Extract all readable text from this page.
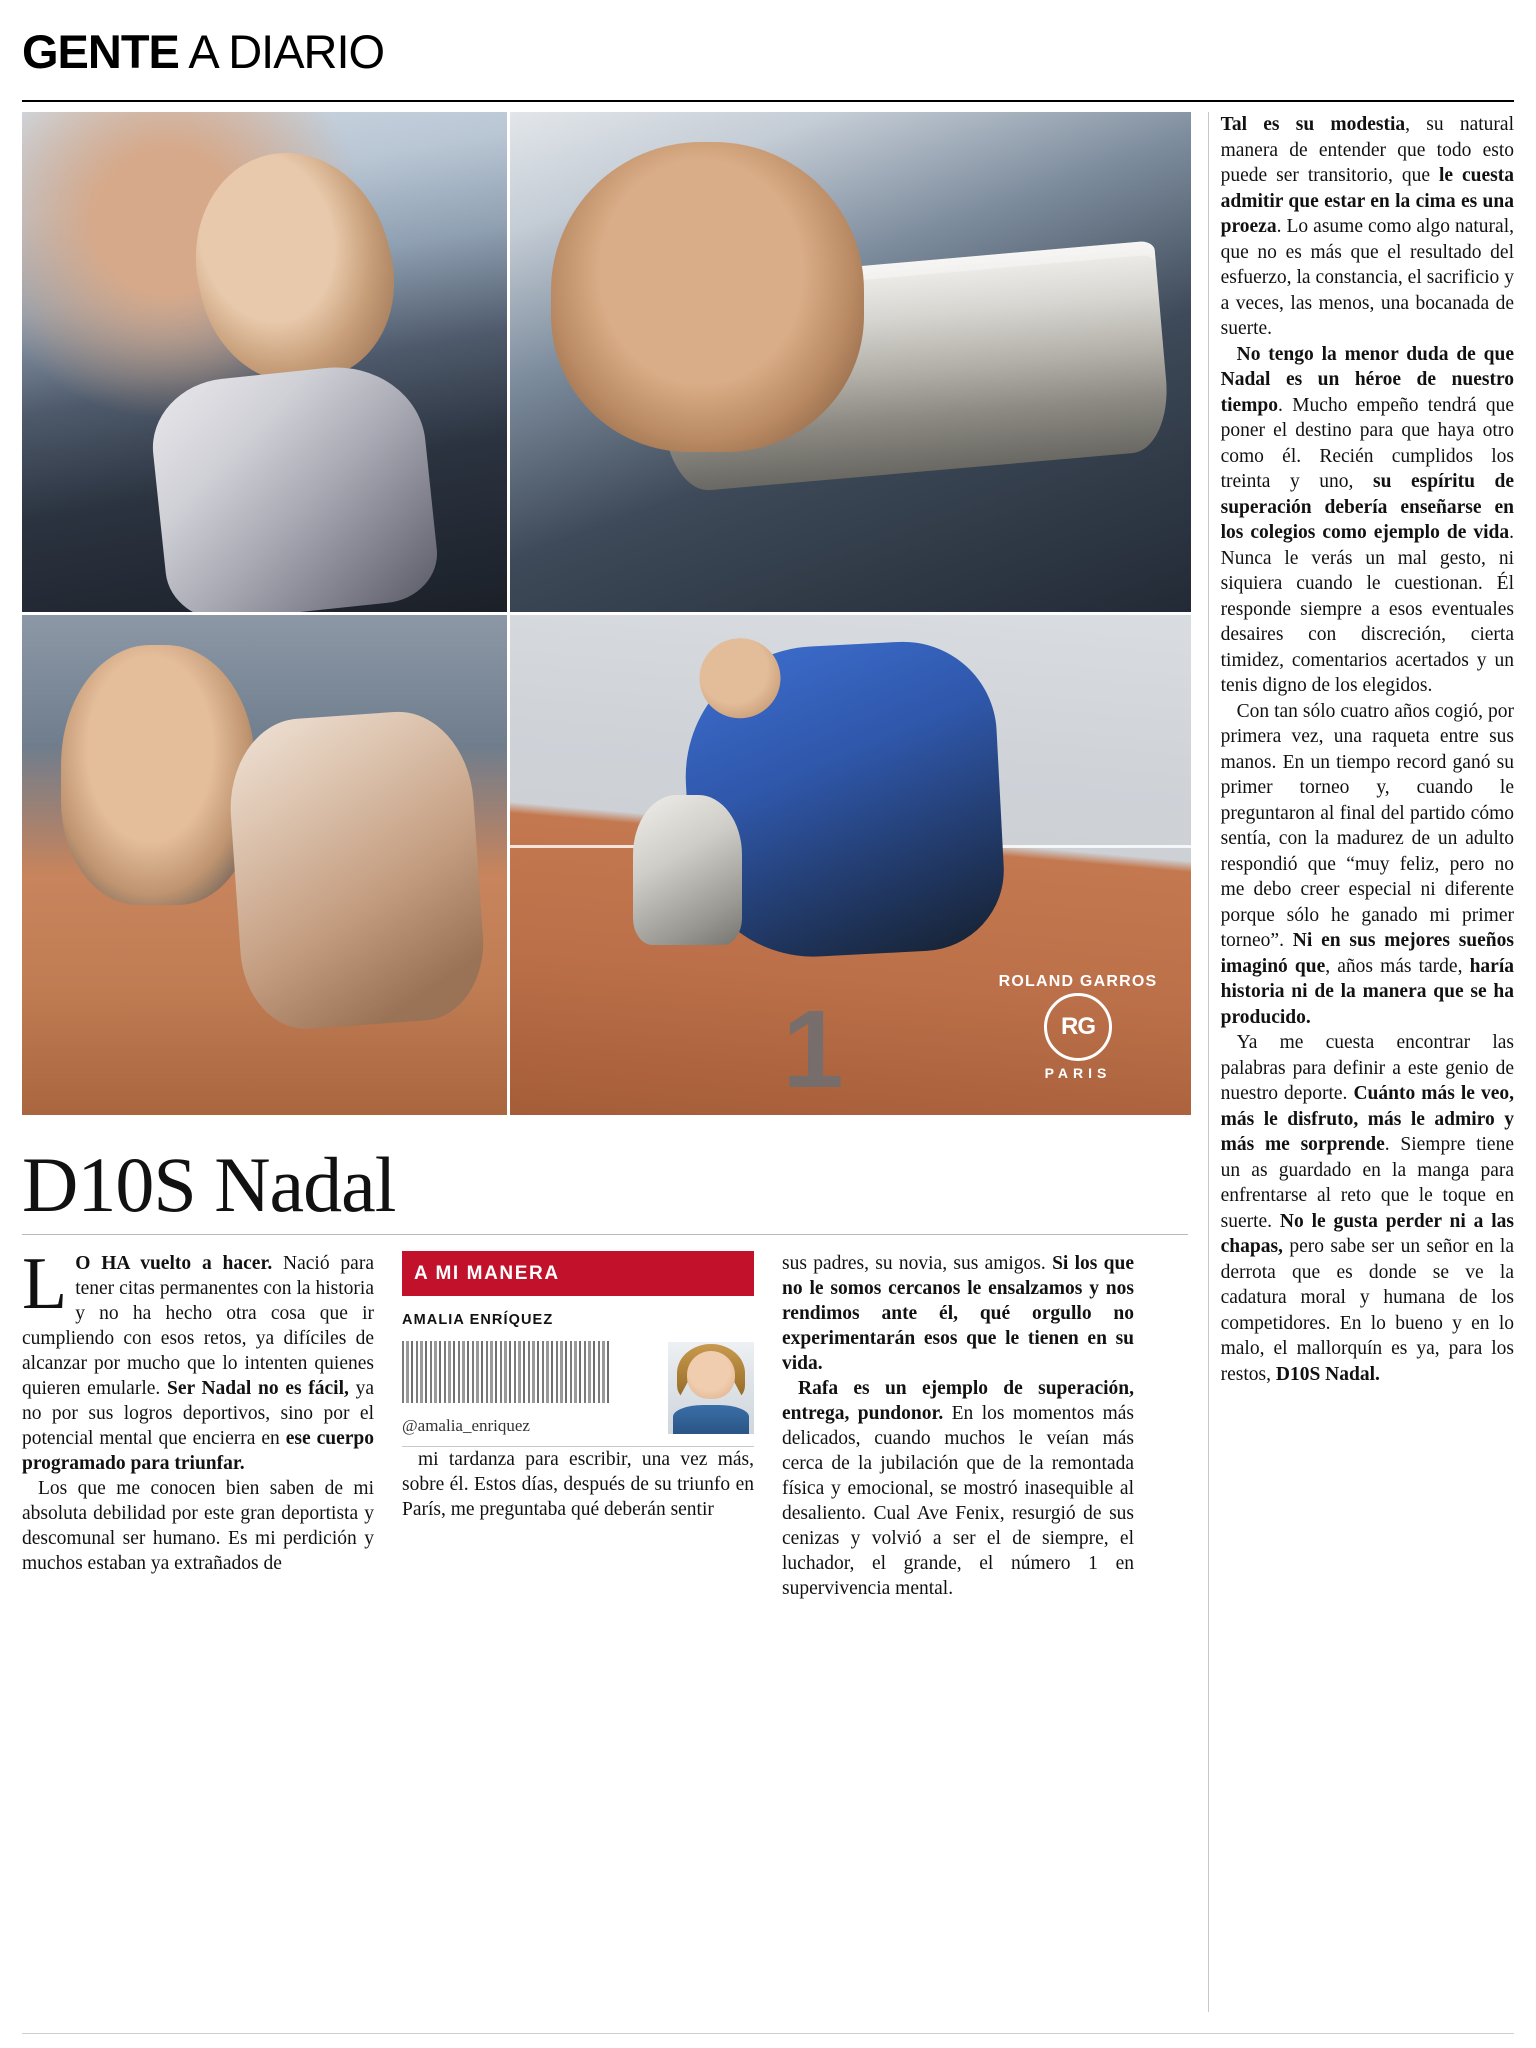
GENTE A DIARIO
1
ROLAND GARROS
RG
PARIS
D10S Nadal

L O HA vuelto a hacer. Nació para tener citas permanentes con la historia y no ha hecho otra cosa que ir cumpliendo con esos retos, ya difíciles de alcanzar por mucho que lo intenten quienes quieren emularle. Ser Nadal no es fácil, ya no por sus logros deportivos, sino por el potencial mental que encierra en ese cuerpo programado para triunfar.

Los que me conocen bien saben de mi absoluta debilidad por este gran deportista y descomunal ser humano. Es mi perdición y muchos estaban ya extrañados de

A MI MANERA
AMALIA ENRÍQUEZ
@amalia_enriquez

mi tardanza para escribir, una vez más, sobre él. Estos días, después de su triunfo en París, me preguntaba qué deberán sentir

sus padres, su novia, sus amigos. Si los que no le somos cercanos le ensalzamos y nos rendimos ante él, qué orgullo no experimentarán esos que le tienen en su vida.

Rafa es un ejemplo de superación, entrega, pundonor. En los momentos más delicados, cuando muchos le veían más cerca de la jubilación que de la remontada física y emocional, se mostró inasequible al desaliento. Cual Ave Fenix, resurgió de sus cenizas y volvió a ser el de siempre, el luchador, el grande, el número 1 en supervivencia mental.

Tal es su modestia, su natural manera de entender que todo esto puede ser transitorio, que le cuesta admitir que estar en la cima es una proeza. Lo asume como algo natural, que no es más que el resultado del esfuerzo, la constancia, el sacrificio y a veces, las menos, una bocanada de suerte.

No tengo la menor duda de que Nadal es un héroe de nuestro tiempo. Mucho empeño tendrá que poner el destino para que haya otro como él. Recién cumplidos los treinta y uno, su espíritu de superación debería enseñarse en los colegios como ejemplo de vida. Nunca le verás un mal gesto, ni siquiera cuando le cuestionan. Él responde siempre a esos eventuales desaires con discreción, cierta timidez, comentarios acertados y un tenis digno de los elegidos.

Con tan sólo cuatro años cogió, por primera vez, una raqueta entre sus manos. En un tiempo record ganó su primer torneo y, cuando le preguntaron al final del partido cómo sentía, con la madurez de un adulto respondió que “muy feliz, pero no me debo creer especial ni diferente porque sólo he ganado mi primer torneo”. Ni en sus mejores sueños imaginó que, años más tarde, haría historia ni de la manera que se ha producido.

Ya me cuesta encontrar las palabras para definir a este genio de nuestro deporte. Cuánto más le veo, más le disfruto, más le admiro y más me sorprende. Siempre tiene un as guardado en la manga para enfrentarse al reto que le toque en suerte. No le gusta perder ni a las chapas, pero sabe ser un señor en la derrota que es donde se ve la cadatura moral y humana de los competidores. En lo bueno y en lo malo, el mallorquín es ya, para los restos, D10S Nadal.
